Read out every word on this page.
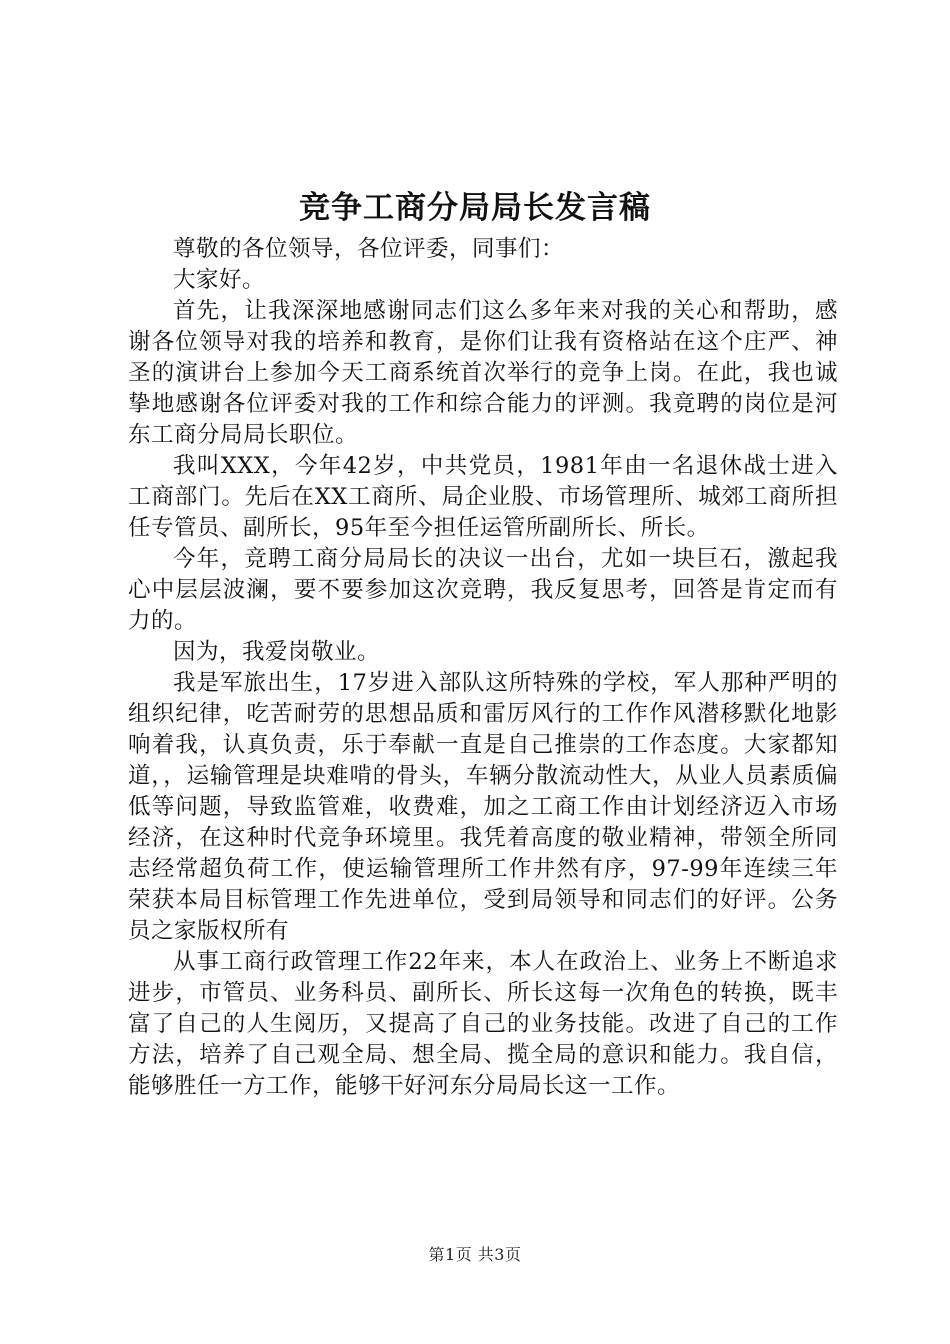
竞争工商分局局长发言稿

尊敬的各位领导，各位评委，同事们：

大家好。

首先，让我深深地感谢同志们这么多年来对我的关心和帮助，感谢各位领导对我的培养和教育，是你们让我有资格站在这个庄严、神圣的演讲台上参加今天工商系统首次举行的竞争上岗。在此，我也诚挚地感谢各位评委对我的工作和综合能力的评测。我竟聘的岗位是河东工商分局局长职位。

我叫XXX，今年42岁，中共党员，1981年由一名退休战士进入工商部门。先后在XX工商所、局企业股、市场管理所、城郊工商所担任专管员、副所长，95年至今担任运管所副所长、所长。

今年，竞聘工商分局局长的决议一出台，尤如一块巨石，激起我心中层层波澜，要不要参加这次竞聘，我反复思考，回答是肯定而有力的。

因为，我爱岗敬业。

我是军旅出生，17岁进入部队这所特殊的学校，军人那种严明的组织纪律，吃苦耐劳的思想品质和雷厉风行的工作作风潜移默化地影响着我，认真负责，乐于奉献一直是自己推崇的工作态度。大家都知道，，运输管理是块难啃的骨头，车辆分散流动性大，从业人员素质偏低等问题，导致监管难，收费难，加之工商工作由计划经济迈入市场经济，在这种时代竞争环境里。我凭着高度的敬业精神，带领全所同志经常超负荷工作，使运输管理所工作井然有序，97-99年连续三年荣获本局目标管理工作先进单位，受到局领导和同志们的好评。公务员之家版权所有

从事工商行政管理工作22年来，本人在政治上、业务上不断追求进步，市管员、业务科员、副所长、所长这每一次角色的转换，既丰富了自己的人生阅历，又提高了自己的业务技能。改进了自己的工作方法，培养了自己观全局、想全局、揽全局的意识和能力。我自信，能够胜任一方工作，能够干好河东分局局长这一工作。

第1页 共3页
